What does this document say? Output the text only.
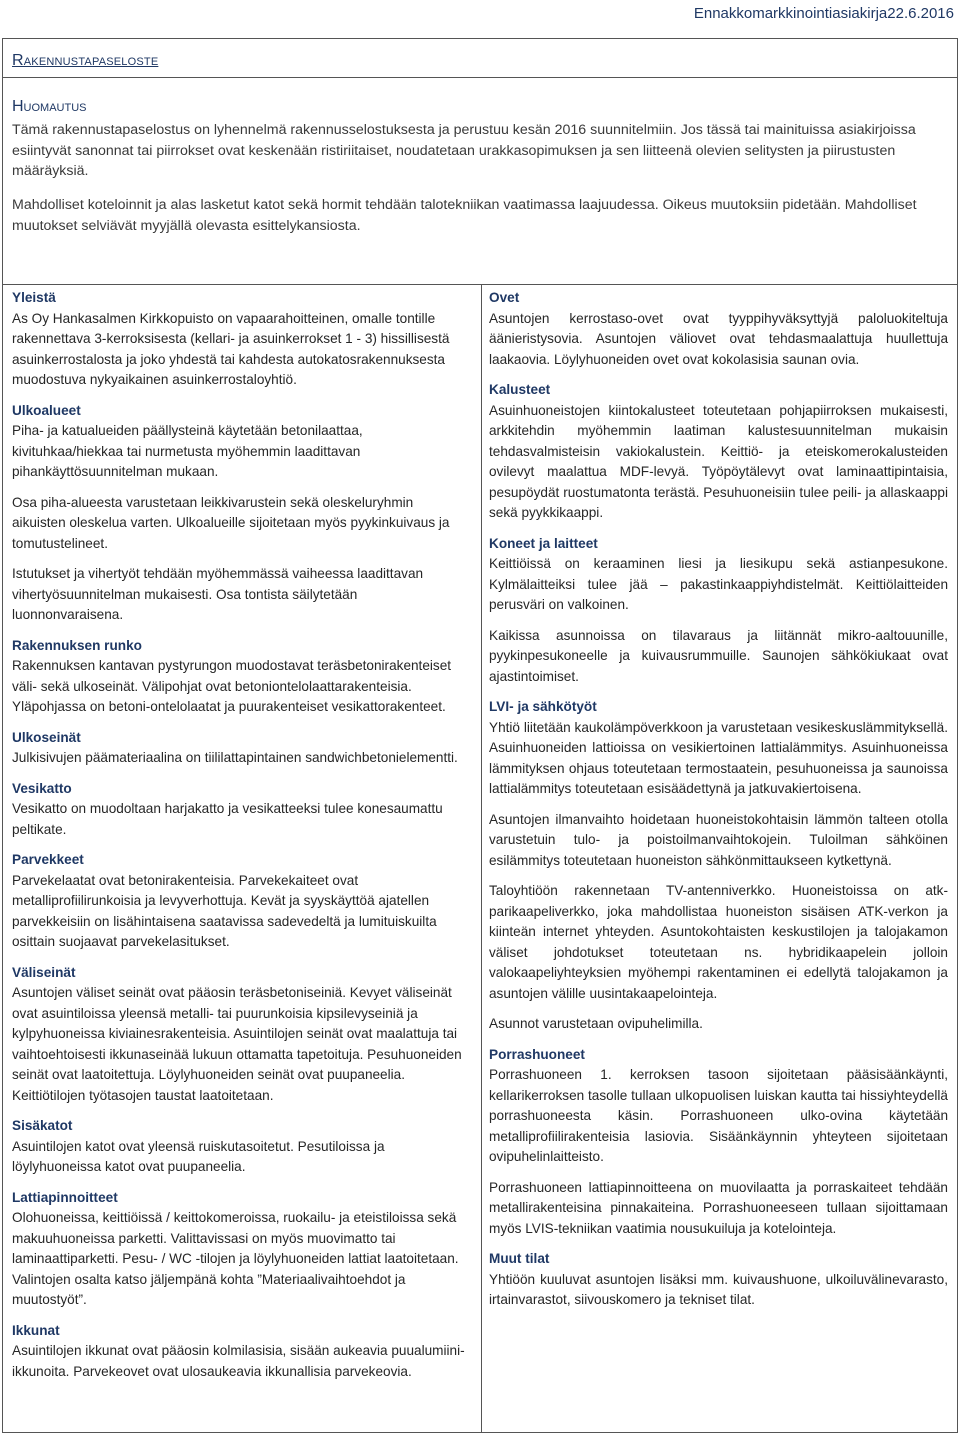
Ennakkomarkkinointiasiakirja22.6.2016
Rakennustapaseloste
Huomautus

Tämä rakennustapaselostus on lyhennelmä rakennusselostuksesta ja perustuu kesän 2016 suunnitelmiin. Jos tässä tai mainituissa asiakirjoissa esiintyvät sanonnat tai piirrokset ovat keskenään ristiriitaiset, noudatetaan urakkasopimuksen ja sen liitteenä olevien selitysten ja piirustusten määräyksiä.

Mahdolliset koteloinnit ja alas lasketut katot sekä hormit tehdään talotekniikan vaatimassa laajuudessa. Oikeus muutoksiin pidetään. Mahdolliset muutokset selviävät myyjällä olevasta esittelykansiosta.

Yleistä

As Oy Hankasalmen Kirkkopuisto on vapaarahoitteinen, omalle tontille rakennettava 3-kerroksisesta (kellari- ja asuinkerrokset 1 - 3) hissillisestä asuinkerrostalosta ja joko yhdestä tai kahdesta autokatosrakennuksesta muodostuva nykyaikainen asuinkerrostaloyhtiö.

Ulkoalueet

Piha- ja katualueiden päällysteinä käytetään betonilaattaa, kivituhkaa/hiekkaa tai nurmetusta myöhemmin laadittavan pihankäyttösuunnitelman mukaan.

Osa piha-alueesta varustetaan leikkivarustein sekä oleskeluryhmin aikuisten oleskelua varten. Ulkoalueille sijoitetaan myös pyykinkuivaus ja tomutustelineet.

Istutukset ja vihertyöt tehdään myöhemmässä vaiheessa laadittavan vihertyösuunnitelman mukaisesti. Osa tontista säilytetään luonnonvaraisena.

Rakennuksen runko

Rakennuksen kantavan pystyrungon muodostavat teräsbetonirakenteiset väli- sekä ulkoseinät. Välipohjat ovat betoniontelolaattarakenteisia. Yläpohjassa on betoni-ontelolaatat ja puurakenteiset vesikattorakenteet.

Ulkoseinät

Julkisivujen päämateriaalina on tiililattapintainen sandwichbetonielementti.

Vesikatto

Vesikatto on muodoltaan harjakatto ja vesikatteeksi tulee konesaumattu peltikate.

Parvekkeet

Parvekelaatat ovat betonirakenteisia. Parvekekaiteet ovat metalliprofiilirunkoisia ja levyverhottuja. Kevät ja syyskäyttöä ajatellen parvekkeisiin on lisähintaisena saatavissa sadevedeltä ja lumituiskuilta osittain suojaavat parvekelasitukset.

Väliseinät

Asuntojen väliset seinät ovat pääosin teräsbetoniseiniä. Kevyet väliseinät ovat asuintiloissa yleensä metalli- tai puurunkoisia kipsilevyseiniä ja kylpyhuoneissa kiviainesrakenteisia. Asuintilojen seinät ovat maalattuja tai vaihtoehtoisesti ikkunaseinää lukuun ottamatta tapetoituja. Pesuhuoneiden seinät ovat laatoitettuja. Löylyhuoneiden seinät ovat puupaneelia. Keittiötilojen työtasojen taustat laatoitetaan.

Sisäkatot

Asuintilojen katot ovat yleensä ruiskutasoitetut. Pesutiloissa ja löylyhuoneissa katot ovat puupaneelia.

Lattiapinnoitteet

Olohuoneissa, keittiöissä / keittokomeroissa, ruokailu- ja eteistiloissa sekä makuuhuoneissa parketti. Valittavissasi on myös muovimatto tai laminaattiparketti. Pesu- / WC -tilojen ja löylyhuoneiden lattiat laatoitetaan. Valintojen osalta katso jäljempänä kohta ”Materiaalivaihtoehdot ja muutostyöt”.

Ikkunat

Asuintilojen ikkunat ovat pääosin kolmilasisia, sisään aukeavia puualumiini-ikkunoita. Parvekeovet ovat ulosaukeavia ikkunallisia parvekeovia.

Ovet

Asuntojen kerrostaso-ovet ovat tyyppihyväksyttyjä paloluokiteltuja äänieristysovia. Asuntojen väliovet ovat tehdasmaalattuja huullettuja laakaovia. Löylyhuoneiden ovet ovat kokolasisia saunan ovia.

Kalusteet

Asuinhuoneistojen kiintokalusteet toteutetaan pohjapiirroksen mukaisesti, arkkitehdin myöhemmin laatiman kalustesuunnitelman mukaisin tehdasvalmisteisin vakiokalustein. Keittiö- ja eteiskomerokalusteiden ovilevyt maalattua MDF-levyä. Työpöytälevyt ovat laminaattipintaisia, pesupöydät ruostumatonta terästä. Pesuhuoneisiin tulee peili- ja allaskaappi sekä pyykkikaappi.

Koneet ja laitteet

Keittiöissä on keraaminen liesi ja liesikupu sekä astianpesukone. Kylmälaitteiksi tulee jää – pakastinkaappiyhdistelmät. Keittiölaitteiden perusväri on valkoinen.

Kaikissa asunnoissa on tilavaraus ja liitännät mikro-aaltouunille, pyykinpesukoneelle ja kuivausrummuille. Saunojen sähkökiukaat ovat ajastintoimiset.

LVI- ja sähkötyöt

Yhtiö liitetään kaukolämpöverkkoon ja varustetaan vesikeskuslämmityksellä. Asuinhuoneiden lattioissa on vesikiertoinen lattialämmitys. Asuinhuoneissa lämmityksen ohjaus toteutetaan termostaatein, pesuhuoneissa ja saunoissa lattialämmitys toteutetaan esisäädettynä ja jatkuvakiertoisena.

Asuntojen ilmanvaihto hoidetaan huoneistokohtaisin lämmön talteen otolla varustetuin tulo- ja poistoilmanvaihtokojein. Tuloilman sähköinen esilämmitys toteutetaan huoneiston sähkönmittaukseen kytkettynä.

Taloyhtiöön rakennetaan TV-antenniverkko. Huoneistoissa on atk-parikaapeliverkko, joka mahdollistaa huoneiston sisäisen ATK-verkon ja kiinteän internet yhteyden. Asuntokohtaisten keskustilojen ja talojakamon väliset johdotukset toteutetaan ns. hybridikaapelein jolloin valokaapeliyhteyksien myöhempi rakentaminen ei edellytä talojakamon ja asuntojen välille uusintakaapelointeja.

Asunnot varustetaan ovipuhelimilla.

Porrashuoneet

Porrashuoneen 1. kerroksen tasoon sijoitetaan pääsisäänkäynti, kellarikerroksen tasolle tullaan ulkopuolisen luiskan kautta tai hissiyhteydellä porrashuoneesta käsin. Porrashuoneen ulko-ovina käytetään metalliprofiilirakenteisia lasiovia. Sisäänkäynnin yhteyteen sijoitetaan ovipuhelinlaitteisto.

Porrashuoneen lattiapinnoitteena on muovilaatta ja porraskaiteet tehdään metallirakenteisina pinnakaiteina. Porrashuoneeseen tullaan sijoittamaan myös LVIS-tekniikan vaatimia nousukuiluja ja kotelointeja.

Muut tilat

Yhtiöön kuuluvat asuntojen lisäksi mm. kuivaushuone, ulkoiluvälinevarasto, irtainvarastot, siivouskomero ja tekniset tilat.
